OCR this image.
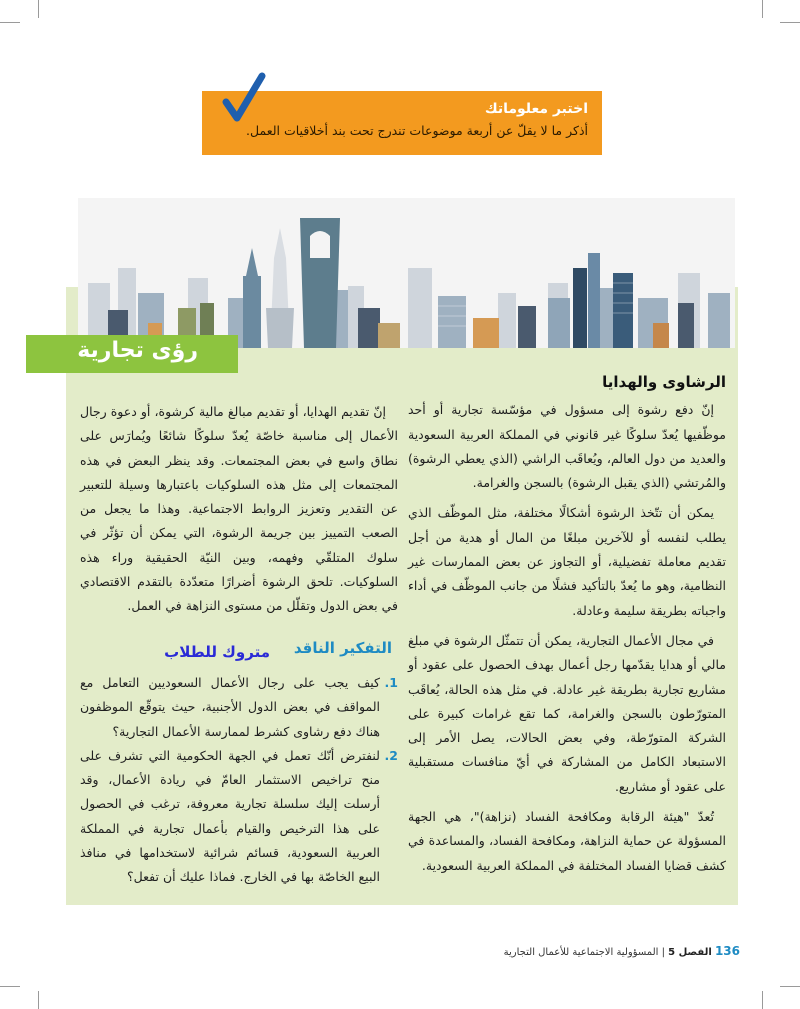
اختبر معلوماتك
أذكر ما لا يقلّ عن أربعة موضوعات تندرج تحت بند أخلاقيات العمل.
رؤى تجارية
الرشاوى والهدايا

إنّ دفع رشوة إلى مسؤول في مؤسّسة تجارية أو أحد موظّفيها يُعدّ سلوكًا غير قانوني في المملكة العربية السعودية والعديد من دول العالم، ويُعاقَب الراشي (الذي يعطي الرشوة) والمُرتشي (الذي يقبل الرشوة) بالسجن والغرامة.

يمكن أن تتّخذ الرشوة أشكالًا مختلفة، مثل الموظّف الذي يطلب لنفسه أو للآخرين مبلغًا من المال أو هدية من أجل تقديم معاملة تفضيلية، أو التجاوز عن بعض الممارسات غير النظامية، وهو ما يُعدّ بالتأكيد فشلًا من جانب الموظّف في أداء واجباته بطريقة سليمة وعادلة.

في مجال الأعمال التجارية، يمكن أن تتمثّل الرشوة في مبلغ مالي أو هدايا يقدّمها رجل أعمال بهدف الحصول على عقود أو مشاريع تجارية بطريقة غير عادلة. في مثل هذه الحالة، يُعاقَب المتورّطون بالسجن والغرامة، كما تقع غرامات كبيرة على الشركة المتورّطة، وفي بعض الحالات، يصل الأمر إلى الاستبعاد الكامل من المشاركة في أيّ منافسات مستقبلية على عقود أو مشاريع.

تُعدّ "هيئة الرقابة ومكافحة الفساد (نزاهة)"، هي الجهة المسؤولة عن حماية النزاهة، ومكافحة الفساد، والمساعدة في كشف قضايا الفساد المختلفة في المملكة العربية السعودية.

إنّ تقديم الهدايا، أو تقديم مبالغ مالية كرشوة، أو دعوة رجال الأعمال إلى مناسبة خاصّة يُعدّ سلوكًا شائعًا ويُمارَس على نطاق واسع في بعض المجتمعات. وقد ينظر البعض في هذه المجتمعات إلى مثل هذه السلوكيات باعتبارها وسيلة للتعبير عن التقدير وتعزيز الروابط الاجتماعية. وهذا ما يجعل من الصعب التمييز بين جريمة الرشوة، التي يمكن أن تؤثّر في سلوك المتلقّي وفهمه، وبين النيّة الحقيقية وراء هذه السلوكيات. تلحق الرشوة أضرارًا متعدّدة بالتقدم الاقتصادي في بعض الدول وتقلّل من مستوى النزاهة في العمل.

التفكير الناقد
متروك للطلاب
1.
كيف يجب على رجال الأعمال السعوديين التعامل مع المواقف في بعض الدول الأجنبية، حيث يتوقّع الموظفون هناك دفع رشاوى كشرط لممارسة الأعمال التجارية؟
2.
لنفترض أنّك تعمل في الجهة الحكومية التي تشرف على منح تراخيص الاستثمار العامّ في ريادة الأعمال، وقد أرسلت إليك سلسلة تجارية معروفة، ترغب في الحصول على هذا الترخيص والقيام بأعمال تجارية في المملكة العربية السعودية، قسائم شرائية لاستخدامها في منافذ البيع الخاصّة بها في الخارج. فماذا عليك أن تفعل؟
136 الفصل 5 | المسؤولية الاجتماعية للأعمال التجارية
